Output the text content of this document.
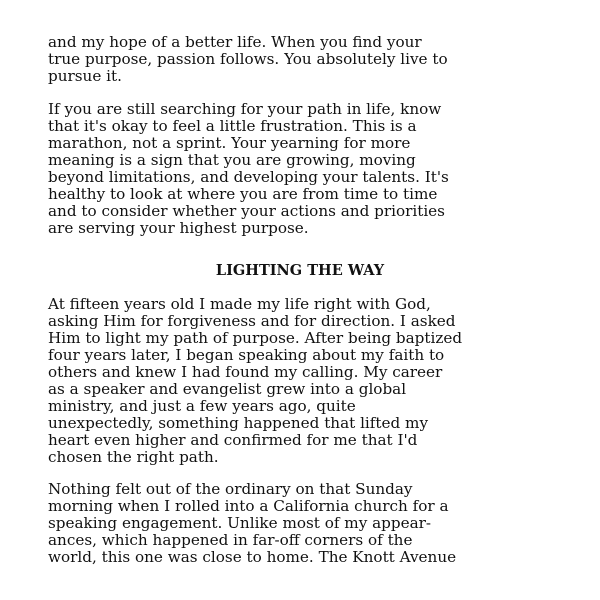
and my hope of a better life. When you find your

true purpose, passion follows. You absolutely live to

pursue it.

If you are still searching for your path in life, know

that it's okay to feel a little frustration. This is a

marathon, not a sprint. Your yearning for more

meaning is a sign that you are growing, moving

beyond limitations, and developing your talents. It's

healthy to look at where you are from time to time

and to consider whether your actions and priorities

are serving your highest purpose.

LIGHTING THE WAY

At fifteen years old I made my life right with God,

asking Him for forgiveness and for direction. I asked

Him to light my path of purpose. After being baptized

four years later, I began speaking about my faith to

others and knew I had found my calling. My career

as a speaker and evangelist grew into a global

ministry, and just a few years ago, quite

unexpectedly, something happened that lifted my

heart even higher and confirmed for me that I'd

chosen the right path.

Nothing felt out of the ordinary on that Sunday

morning when I rolled into a California church for a

speaking engagement. Unlike most of my appear-

ances, which happened in far-off corners of the

world, this one was close to home. The Knott Avenue
